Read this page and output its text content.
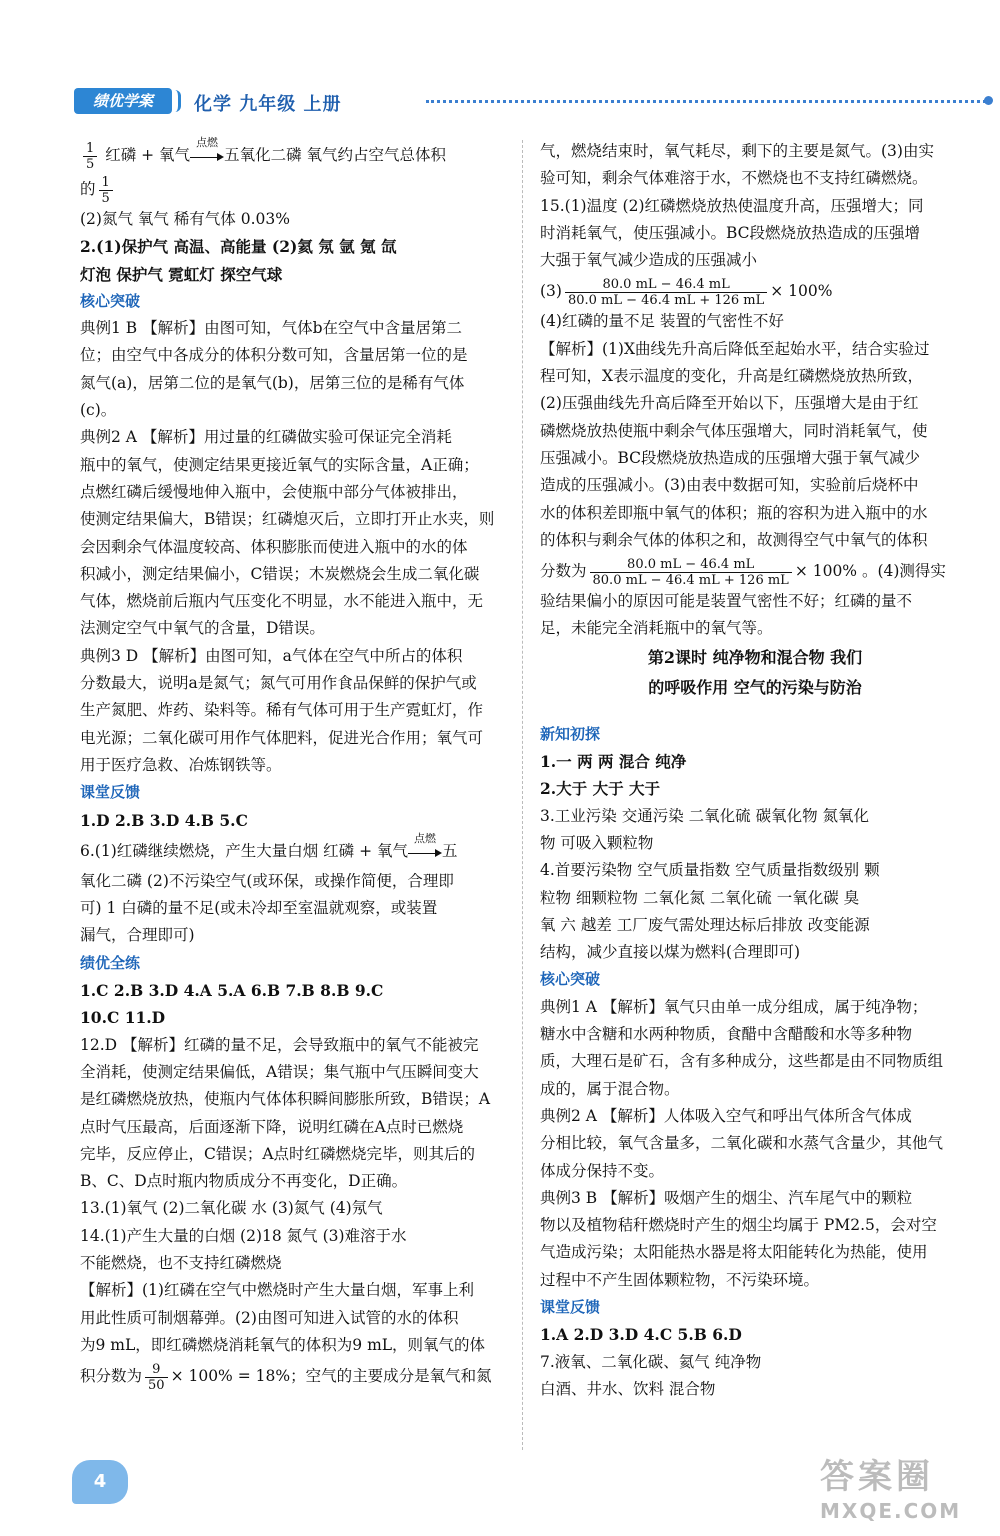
绩优学案	化学 九年级 上册
$\frac{1}{5}$ 红磷 + 氧气
点燃
五氧化二磷 氧气约占空气总体积
的 $\frac{1}{5}$
(2)氮气 氧气 稀有气体 0.03%
2.(1)保护气 高温、高能量 (2)氦 氖 氩 氪 氙
灯泡 保护气 霓虹灯 探空气球
核心突破
典例1 B 【解析】由图可知，气体b在空气中含量居第二
位；由空气中各成分的体积分数可知，含量居第一位的是
氮气(a)，居第二位的是氧气(b)，居第三位的是稀有气体
(c)。
典例2 A 【解析】用过量的红磷做实验可保证完全消耗
瓶中的氧气，使测定结果更接近氧气的实际含量，A正确；
点燃红磷后缓慢地伸入瓶中，会使瓶中部分气体被排出，
使测定结果偏大，B错误；红磷熄灭后，立即打开止水夹，则
会因剩余气体温度较高、体积膨胀而使进入瓶中的水的体
积减小，测定结果偏小，C错误；木炭燃烧会生成二氧化碳
气体，燃烧前后瓶内气压变化不明显，水不能进入瓶中，无
法测定空气中氧气的含量，D错误。
典例3 D 【解析】由图可知，a气体在空气中所占的体积
分数最大，说明a是氮气；氮气可用作食品保鲜的保护气或
生产氮肥、炸药、染料等。稀有气体可用于生产霓虹灯，作
电光源；二氧化碳可用作气体肥料，促进光合作用；氧气可
用于医疗急救、冶炼钢铁等。
课堂反馈
1.D 2.B 3.D 4.B 5.C
6.(1)红磷继续燃烧，产生大量白烟 红磷 + 氧气
点燃
五
氧化二磷 (2)不污染空气(或环保，或操作简便，合理即
可) 1 白磷的量不足(或未冷却至室温就观察，或装置
漏气，合理即可)
绩优全练
1.C 2.B 3.D 4.A 5.A 6.B 7.B 8.B 9.C
10.C 11.D
12.D 【解析】红磷的量不足，会导致瓶中的氧气不能被完
全消耗，使测定结果偏低，A错误；集气瓶中气压瞬间变大
是红磷燃烧放热，使瓶内气体体积瞬间膨胀所致，B错误；A
点时气压最高，后面逐渐下降，说明红磷在A点时已燃烧
完毕，反应停止，C错误；A点时红磷燃烧完毕，则其后的
B、C、D点时瓶内物质成分不再变化，D正确。
13.(1)氧气 (2)二氧化碳 水 (3)氮气 (4)氖气
14.(1)产生大量的白烟 (2)18 氮气 (3)难溶于水
不能燃烧，也不支持红磷燃烧
【解析】(1)红磷在空气中燃烧时产生大量白烟，军事上利
用此性质可制烟幕弹。(2)由图可知进入试管的水的体积
为9 mL，即红磷燃烧消耗氧气的体积为9 mL，则氧气的体
积分数为 $\frac{9}{50} \times 100\% = 18\%$；空气的主要成分是氧气和氮
气，燃烧结束时，氧气耗尽，剩下的主要是氮气。(3)由实
验可知，剩余气体难溶于水，不燃烧也不支持红磷燃烧。
15.(1)温度 (2)红磷燃烧放热使温度升高，压强增大；同
时消耗氧气，使压强减小。BC段燃烧放热造成的压强增
大强于氧气减少造成的压强减小
$(3) \frac{80.0 mL - 46.4 mL}{80.0 mL - 46.4 mL + 126 mL} \times 100\%$
(4)红磷的量不足 装置的气密性不好
【解析】(1)X曲线先升高后降低至起始水平，结合实验过
程可知，X表示温度的变化，升高是红磷燃烧放热所致，
(2)压强曲线先升高后降至开始以下，压强增大是由于红
磷燃烧放热使瓶中剩余气体压强增大，同时消耗氧气，使
压强减小。BC段燃烧放热造成的压强增大强于氧气减少
造成的压强减小。(3)由表中数据可知，实验前后烧杯中
水的体积差即瓶中氧气的体积；瓶的容积为进入瓶中的水
的体积与剩余气体的体积之和，故测得空气中氧气的体积
分数为 $\frac{80.0 mL - 46.4 mL}{80.0 mL - 46.4 mL + 126 mL} \times 100\%$ 。(4)测得实
验结果偏小的原因可能是装置气密性不好；红磷的量不
足，未能完全消耗瓶中的氧气等。
第2课时 纯净物和混合物 我们
的呼吸作用 空气的污染与防治
新知初探
1.一 两 两 混合 纯净
2.大于 大于 大于
3.工业污染 交通污染 二氧化硫 碳氧化物 氮氧化
物 可吸入颗粒物
4.首要污染物 空气质量指数 空气质量指数级别 颗
粒物 细颗粒物 二氧化氮 二氧化硫 一氧化碳 臭
氧 六 越差 工厂废气需处理达标后排放 改变能源
结构，减少直接以煤为燃料(合理即可)
核心突破
典例1 A 【解析】氧气只由单一成分组成，属于纯净物；
糖水中含糖和水两种物质，食醋中含醋酸和水等多种物
质，大理石是矿石，含有多种成分，这些都是由不同物质组
成的，属于混合物。
典例2 A 【解析】人体吸入空气和呼出气体所含气体成
分相比较，氧气含量多，二氧化碳和水蒸气含量少，其他气
体成分保持不变。
典例3 B 【解析】吸烟产生的烟尘、汽车尾气中的颗粒
物以及植物秸秆燃烧时产生的烟尘均属于 PM2.5，会对空
气造成污染；太阳能热水器是将太阳能转化为热能，使用
过程中不产生固体颗粒物，不污染环境。
课堂反馈
1.A 2.D 3.D 4.C 5.B 6.D
7.液氧、二氧化碳、氦气 纯净物
白酒、井水、饮料 混合物
4	答案圈
MXQE.COM
